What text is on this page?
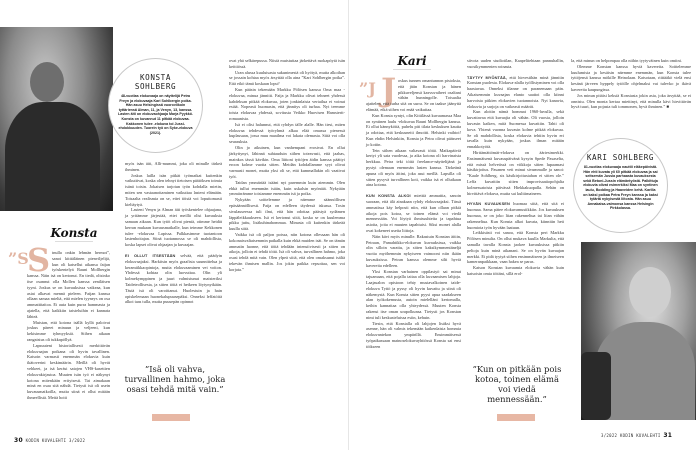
KONSTA SOHLBERG

48-vuotias elokuvaaja on näyttelijä Petra Freyn ja elokuvaaja Kari Sohlbergin poika. Hän asuu Helsingissä vuoroviikoin tyttäriensä Alman, 11, ja Venyn, 13, kanssa. Lasten äiti on elokuvaohjaaja Marja Pyykkö. Konsta on kuvannut 11 pitkää elokuvaa. Kakkonen tulee -elokuva toi Jussi-ehdokkuuden. Tuorein työ on Syke-elokuva (2021).

Konsta
”S
S tnulla onkin lehmän hermot”, sanoi kitttäläinen pienviljelijä, kun oli katsellut aikansa faijan työskentelyä Rauni Mollbergin kanssa. Näin isä on kertonut. En tiedä, oltsinko itse osannut olla Mollen kanssa zeniläisen tyyni. Joskus se on kuvauksissa vaikeaa, kun asiat alkavat mennä pieleen. Faijan kanssa ollaan samaa mieltä, että mielen tyyneys on osa ammattitaitoa. Ei auta kuin purra hammasta ja ajatella, että kaikkiin taisteluihin ei kannata lähteä.

Muistan, että kotona isällä kyllä paloivat joskus päreet minuun ja veljeeni, kun kekisimme tyhmyyksiä. Siihen aikaan rangaistus oli tukkapöllyä.

Lapsuuteni historiallisesti merkittävän elokuvaajan poikana oli hyvin tavallinen. Katsoin varmasti enemmän elokuvia kuin ikätoverini keskimäärin. Meillä oli hyvät vehkeet, ja isä keräsi satojen VHS-kasettien elokuvakirjastoa. Muuten isän työ ei näkynyt kotona mitenkään erityisesti. Tai aimakaan minä en osaa sitä nähdä. Tietysti isä oli usein kuvausmatkoilla, mutta siinä ei ollut mitään ihmeellistä. Meitä hoiti

myös isän äiti, Alli-mummi, joka oli minulle tärkeä ihminen.

Joskus lailla isän pitkät työmatkat kuitenkin vaikuttivat, koska olen tehnyt tietoisen päätöksen toimia isänä toisin. Jokaisen tarjotun työn kohdalla mietin, miten sen vastaanottaminen vaikuttaa lasteni elämään. Toisaalta realismia on se, ettei töistä voi loputtomasti kieltäytyä.

Lasteni Venyn ja Alman äiti työskentelee ohjaajana, ja yritämme järjestää, ettei meillä olisi kuvauksia samaan aikaan. Kun tytöt olivat pieniä, otimme heidät kerran mukaan kuvausmatkalle, kun teimme Kekkonen tulee -elokuvaa Lapissa. Palkkasimme tuotantoon lastenhoitajan. Siinä tuotannossa se oli mahdollista, koska lapset olivat ohjaajan ja kuvaajan.

EI OLLUT ITSESTÄÄN selvää, että päädyin elokuvaajaksi. Harkitsin myös graafista suunnittelua ja keramiikkaopintoja, mutta elokuvaaminen vei voiton. Yhdessä kohtaa olin luovuttaa. Olin yli kolmekymppinen ja juuri valmistunut maisteriksi Taideteollisesta, ja sitten töitä ei hetkeen löytynytkään. Tästä isä oli varoittanut. Huolestuin ja hain opiskelemaan huonekalupuusepäksi. Onneksi leffatöitä alkoi taas tulla, mutta puusepän opinnot

”Isä oli vahva, turvallinen hahmo, joka osasi tehdä mitä vain.”

ovat yhä selkärepussa. Niistä muistuttaa järkettävä ruokapöytä isän keittiössä.

Uran alussa kuuluisasta sukunimestä oli hyötyä, mutta alkoihan se jossain kohtaa myös ärsyttää olla aina ”Kari Sohlbergin poika”. Että eikö tämä koskaan lopu?

Kun pääsin tekemään Markku Pölösen kanssa Oma maa -elokuvaa, minua jännitti. Faija ja Markku olivat tehneet yhdessä kahdeksan pitkää elokuvaa, joten jonkinlaista vertailua ei voinut estää. Nopeasti huomasin, että jännitys oli turhaa. Nyt teemme toista elokuvaa yhdessä, sovitusta Veikko Huovisen Hamsterit-romaanista.

Isä ei olisi halunnut, että ryhdyn tälle alalle. Hän tiesi, miten elokuvaa tehdessä työryhmä alkaa elää omassa pienessä kuplassaan, jossa muu maailma voi lakata olemasta. Siitä voi olla seurauksia.

Olin jo aikuinen, kun vanhempani erosivat. En ollut järkyttynyt, lähinnä suhtauduin siihen toteavasti, että jaahas, mainkos tässä kävikin. Oma liittoni tyttöjen äidin kanssa päättyi eroon kolme vuotta sitten. Meidän kohdallamme syyt olivat varmasti monet, mutta yksi oli se, että kummallakin oli vaativat työt.

Taidan ymmärtää isääni nyt paremmin kuin aiemmin. Olen ehkä tullut enemmän isään, kuin uskalsin myöntää. Nykyään ymmärrämme toisiamme enemmän isä ja poika.

Nykyään soittelemme ja näemme säännöllisen epäsäännöllisesti. Faija on edelleen täydessä iskussa. Tosin sivulauseessa tuli ilmi, että hän odottaa päästyä sydämen läppäleikkaukseen. Isä ei kertonut siitä, koska se on kuulemma pikku juttu, lisäkuhinahommaa. Minusta oli kuitenkin tärkeää kuulla siitä.

Vaikka isä oli paljon poissa, niin kotona ollessaan hän oli kokonaisvaltaisemmin paikalla kuin ehkä muiden isät. Se on tämän ammatin luonne, että töitä tehdään intensiivisesti ja sitten on aikoja, jolloin ei tehdä töitä. Isä oli vahva, turvallinen hahmo, joka osasi tehdä mitä vain. Olen ylpeä siitä, että olen omaksunut isältä tekevän ihmisen mallin. Jos jokin paikka repsottaa, sen voi korjata.”

30 KODIN KUVALEHTI 3/2022
Kari
”J J oskus tunnen omantunnon pistoksia, että jätin Konstan ja hänen pikkuveljensä kasvuvaiheet osaltani vähän hunningolle. Toisaalta ajattelen, että turha sitä on surra. Se on taakse jäänyttä elämää, eikä siihen voi enää vaikuttaa.

Kun Konsta syntyi, olin Kittilässä kuvaamassa Maa on syntinen laulu -elokuvaa Rauni Mollbergin kanssa. Ei ollut kännyköitä, puhelu piti tilata keskuksen kautta ja odottaa, että keskusneiti ilmoitti. Helsinki vaihtoi! Kun ehdin Helsinkiin, Konsta ja Petra olivat päässeet jo kotiin.

Tein siihen aikaan valtavasti töitä. Matkapäiviä kertyi yli sata vuodessa, ja aika kotona oli harvinaista herkkua. Petra teki töitä freelance-näyttelijänä ja pystyi olemaan enemmän lasten kanssa. Tärkeänä apuna oli myös äitini, joka asui meillä. Lapsilla oli sitten pysyvä turvallinen koti, vaikka isä ei ollutkaan aina kotona.

KUN KONSTA ALKOI miettiä ammattia, sanoin suoraan, että älä ainakaan ryhdy elokuvaajaksi. Tässä ammatissa käy helposti niin, että kun ollaan pitkiä aikoja pois kotoa, se toinen elämä voi viedä mennessään. Voi löytyä ihmissuhteita ja tapahtua asioita, joita ei muuten tapahtuisi. Siksi monet alalla ovat kokeneet useita liittoja.

Näin kävi myös minulle. Rakastuin Konstan äitiin, Petraan, Pamahtikko-elokuvan kuvauksissa, vaikka olin silloin varattu, ja sitten kaksikymmentäneljä vuotta myöhemmin nykyiseen vaimooni niin ikään kuvauksissa. Petran kanssa olemme silti hyviä kavereita edelleen.

Yksi Konstan varhainen oppilastyö sai minut tajuamaan, että pojalla taitaa olla kuvaamisen lahjoja. Laajasalon opistoon tehty mustavalkoinen taide-elokuva Tyttö ja pyssy oli hyvin kuvattu ja siinä oli näkemystä. Kun Konsta sitten pyysi apua saadakseen alan työkokemusta, autoin mielelläni kertomalla, keihin kannattaa olla yhteydessä. Muuten Konsta rakensi itse oman urapolkunsa. Tietysti jos Konstan nimi tuli keskusteluissa esiin, kehuin.

Tiesin, että Konstalla oli lahjojen lisäksi hyvä asenne, hän oli valmis tekemään kaikenlaisia hommia elokuvantekon ympärillä. Ensimmäisessä työpaikassaan mainoselokuvayhtiössä Konsta sai ensi töikseen

siivota uuden studiotilan, Kaapelitehtaan pannuhallin, vuosikymmenten roinasta.

TÄYTYY MYÖNTÄÄ, että hirvestihän minä jännitin Konstan puolesta. Elokuva-alalla työllistyminen voi olla haastavaa. Onneksi tilanne on paranemaan päin. Aikaisemmin kuvaajan elanto saattoi olla kiinni harvoista pitkien elokuvien tuotannoista. Nyt kanavia, elokuvia ja sarjoja on vaikeasti määrät.

Kun aloitin nämä hommat 1960-luvulla, sekä kuvattavaa että kuvaajia oli vähän. Oli vuosia, jolloin kuvasin kaiken, mitä Suomessa kuvattiin. Tahti oli kova. Yhtenä vuonna kuvasin kolme pitkää elokuvaa. Se oli mahdollista, koska elokuvia tehtiin hyvin eri tavalla kuin nykyään, joskus ilman mitään ennakkotyötä.

Hirttämättömät-elokuva on ääriesimerkki. Ensimmäisenä kuvauspäivänä kysyin Spede Pasaselta, että missä helvetissä on viikkoja sitten lupaamasi käsikirjoitus. Pasanen veti minut sivummalle ja sanoi: ”Kaale Sohlberg, sis käsikirjoitustahan ei sitten ole.” Leffa kuvattiin sitten improvisaatiopohjalta kolmessatoista päivässä Hiekkakuopalla. Sehän on hirvittävä elokuva, mutta sai kulttimaineen.

HYVÄN KUVAUKSEN huomaa siitä, että sitä ei huomaa. Sama pätee elokuvamusiikkiin. Jos kuvauksen huomaa, se on joko liian rakenneltua tai liian vähän rakenneltua. Kun Konsta alkoi kuvata, kiinnitin heti huomiota työn hyvään laatuun.

Leikkisästi voi sanoa, että Konsta peri Markku Pölösen minulta. On ollut mukava kuulla Markulta, että samalla tavalla Konsta jaokee kuvauksissa pitkiin peltoja kuin minä aikanani. Se on hyvän kuvaajan merkki. Ei pidä tyytyä siihen ensimmäiseen ja ilmeiseen kameranpaikkaan, vaan hakea se paras.

Katson Konstan kuvaamia elokuvia vähän kuin katsoisin omia töitäni, sillä erol-

”Kun on pitkään pois kotoa, toinen elämä voi viedä mennessään.”

la, että minun on helpompaa olla niihin tyytyväinen kuin omiini.

Olemme Konstan kanssa hyviä kavereita. Soittelemme kuulumisia ja kesäisin näemme enemmän, kun Konsta tulee tyttöjensä kanssa mökille Heinolaan. Katsotaan, riittääkö vielä ensi kesänä järveen hyppely tytöille ohjelmaksi vai tulevko jo ikävä kavereita kaupungissa.

Jos minun pitäisi keksiä Konstasta jokin asia, joka ärsyttää, se ei onnistu. Olen monta kertaa miettinyt, että minulla kävi hirvittävän hyvä tuuri, kun pojasta tuli tommonen, hyvä ihminen.” ■

KARI SOHLBERG

81-vuotias elokuvaaja nauttii eläkepäivistä. Hän ehti kuvata yli 60 pitkää elokuvaa ja sai seitsemän Jussia parhaasta kuvauksesta sekä Betoni-Jussin elämäntyöstä. Palkittuja elokuvia olivat esimerkiksi Maa on syntinen laulu, Bodding ja Haaveiden kehä. Karilla on kaksi poikaa Petra Freyn kanssa ja kaksi tytärtä nykyisestä liitosta. Hän asuu Annakaisa-vaimonsa kanssa Helsingin Pirkkolassa.

3/2022 KODIN KUVALEHTI 31
